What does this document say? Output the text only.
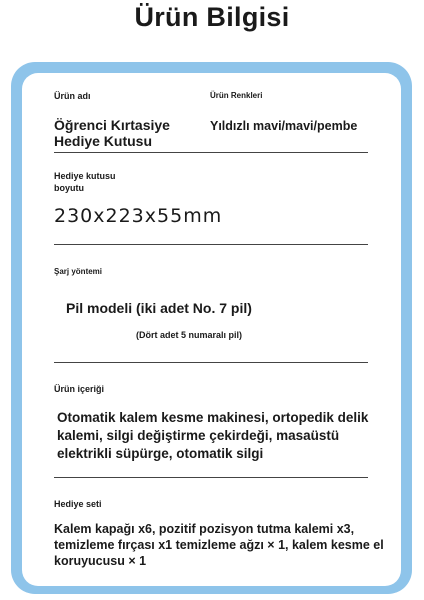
Ürün Bilgisi
Ürün adı	Ürün Renkleri
Öğrenci Kırtasiye Hediye Kutusu
Yıldızlı mavi/mavi/pembe
Hediye kutusu boyutu
230x223x55mm
Şarj yöntemi
Pil modeli (iki adet No. 7 pil)
(Dört adet 5 numaralı pil)
Ürün içeriği
Otomatik kalem kesme makinesi, ortopedik delik kalemi, silgi değiştirme çekirdeği, masaüstü elektrikli süpürge, otomatik silgi
Hediye seti
Kalem kapağı x6, pozitif pozisyon tutma kalemi x3, temizleme fırçası x1 temizleme ağzı × 1, kalem kesme el koruyucusu × 1
